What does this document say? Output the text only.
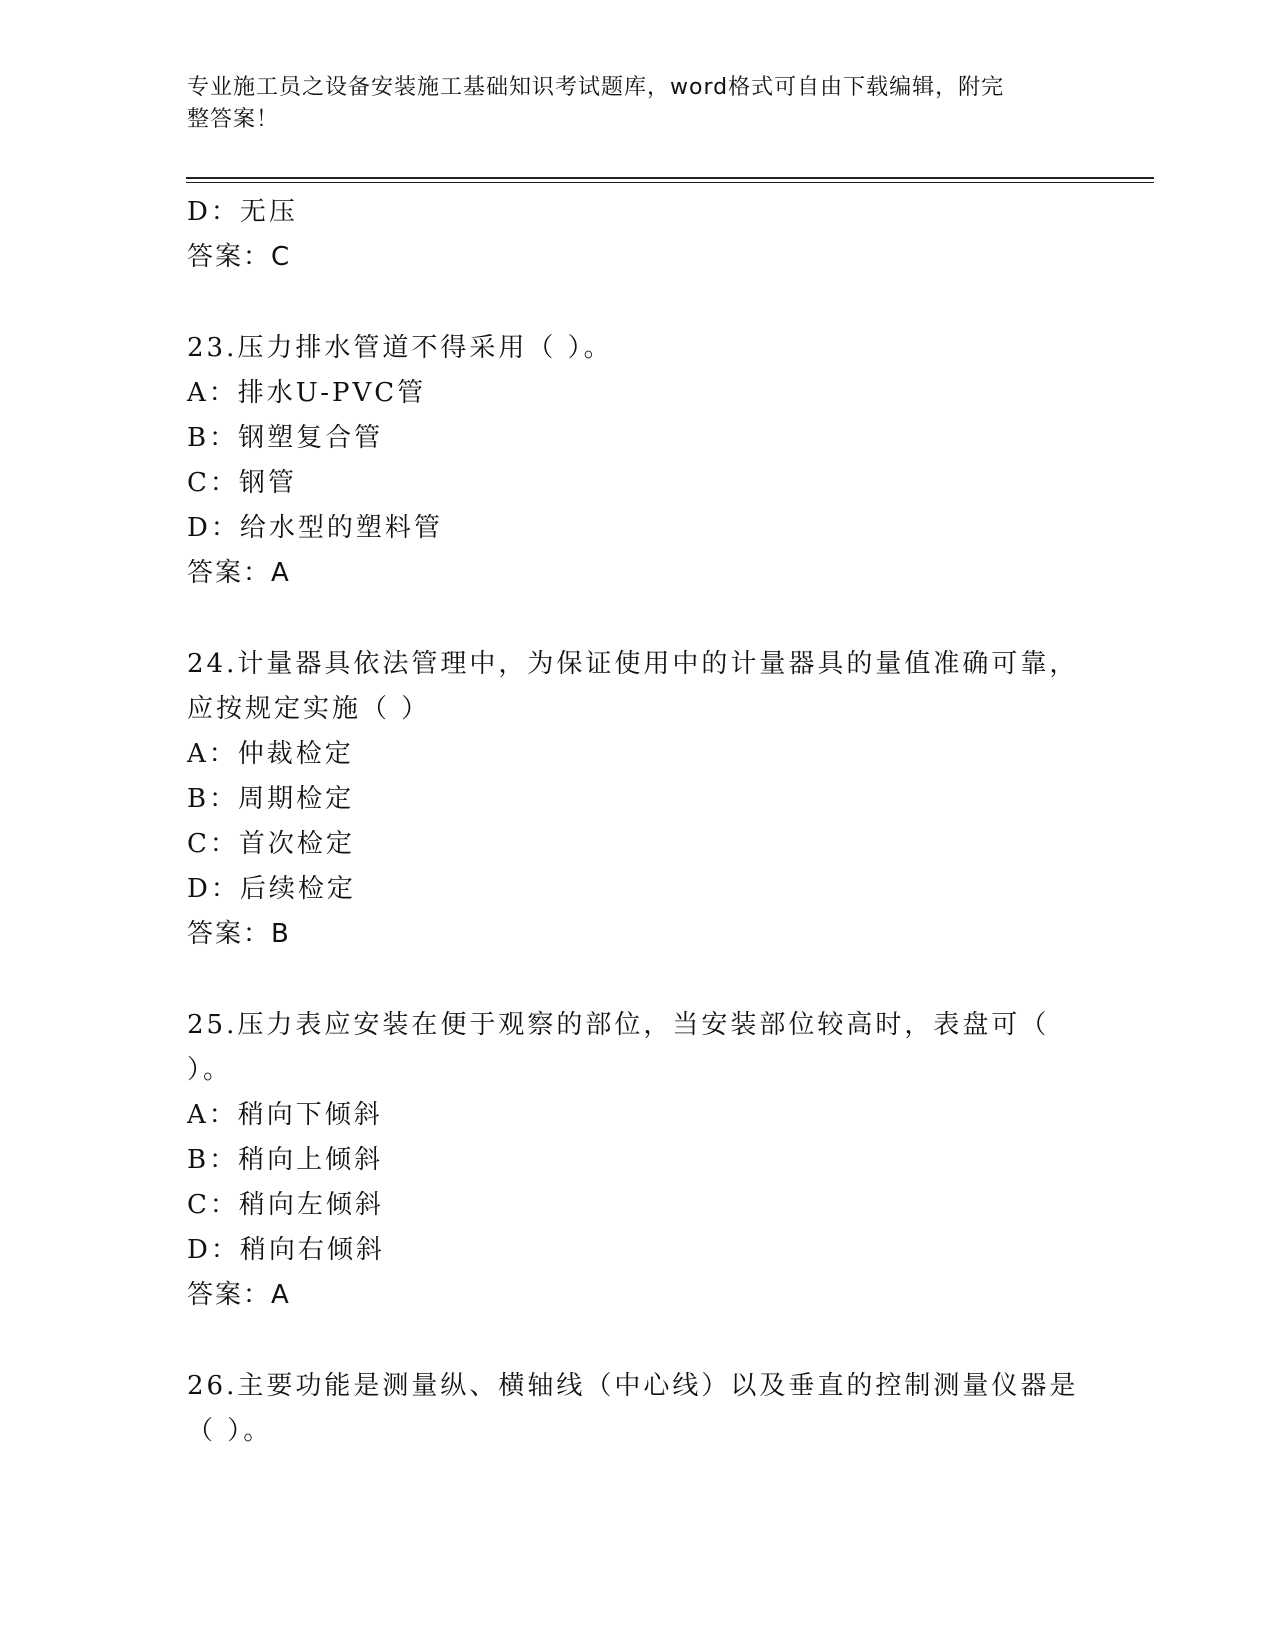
专业施工员之设备安装施工基础知识考试题库，word格式可自由下载编辑，附完
整答案！
D：无压
答案：C
23.压力排水管道不得采用（ ）。
A：排水U-PVC管
B：钢塑复合管
C：钢管
D：给水型的塑料管
答案：A
24.计量器具依法管理中，为保证使用中的计量器具的量值准确可靠，
应按规定实施（ ）
A：仲裁检定
B：周期检定
C：首次检定
D：后续检定
答案：B
25.压力表应安装在便于观察的部位，当安装部位较高时，表盘可（
）。
A：稍向下倾斜
B：稍向上倾斜
C：稍向左倾斜
D：稍向右倾斜
答案：A
26.主要功能是测量纵、横轴线（中心线）以及垂直的控制测量仪器是
（ ）。
